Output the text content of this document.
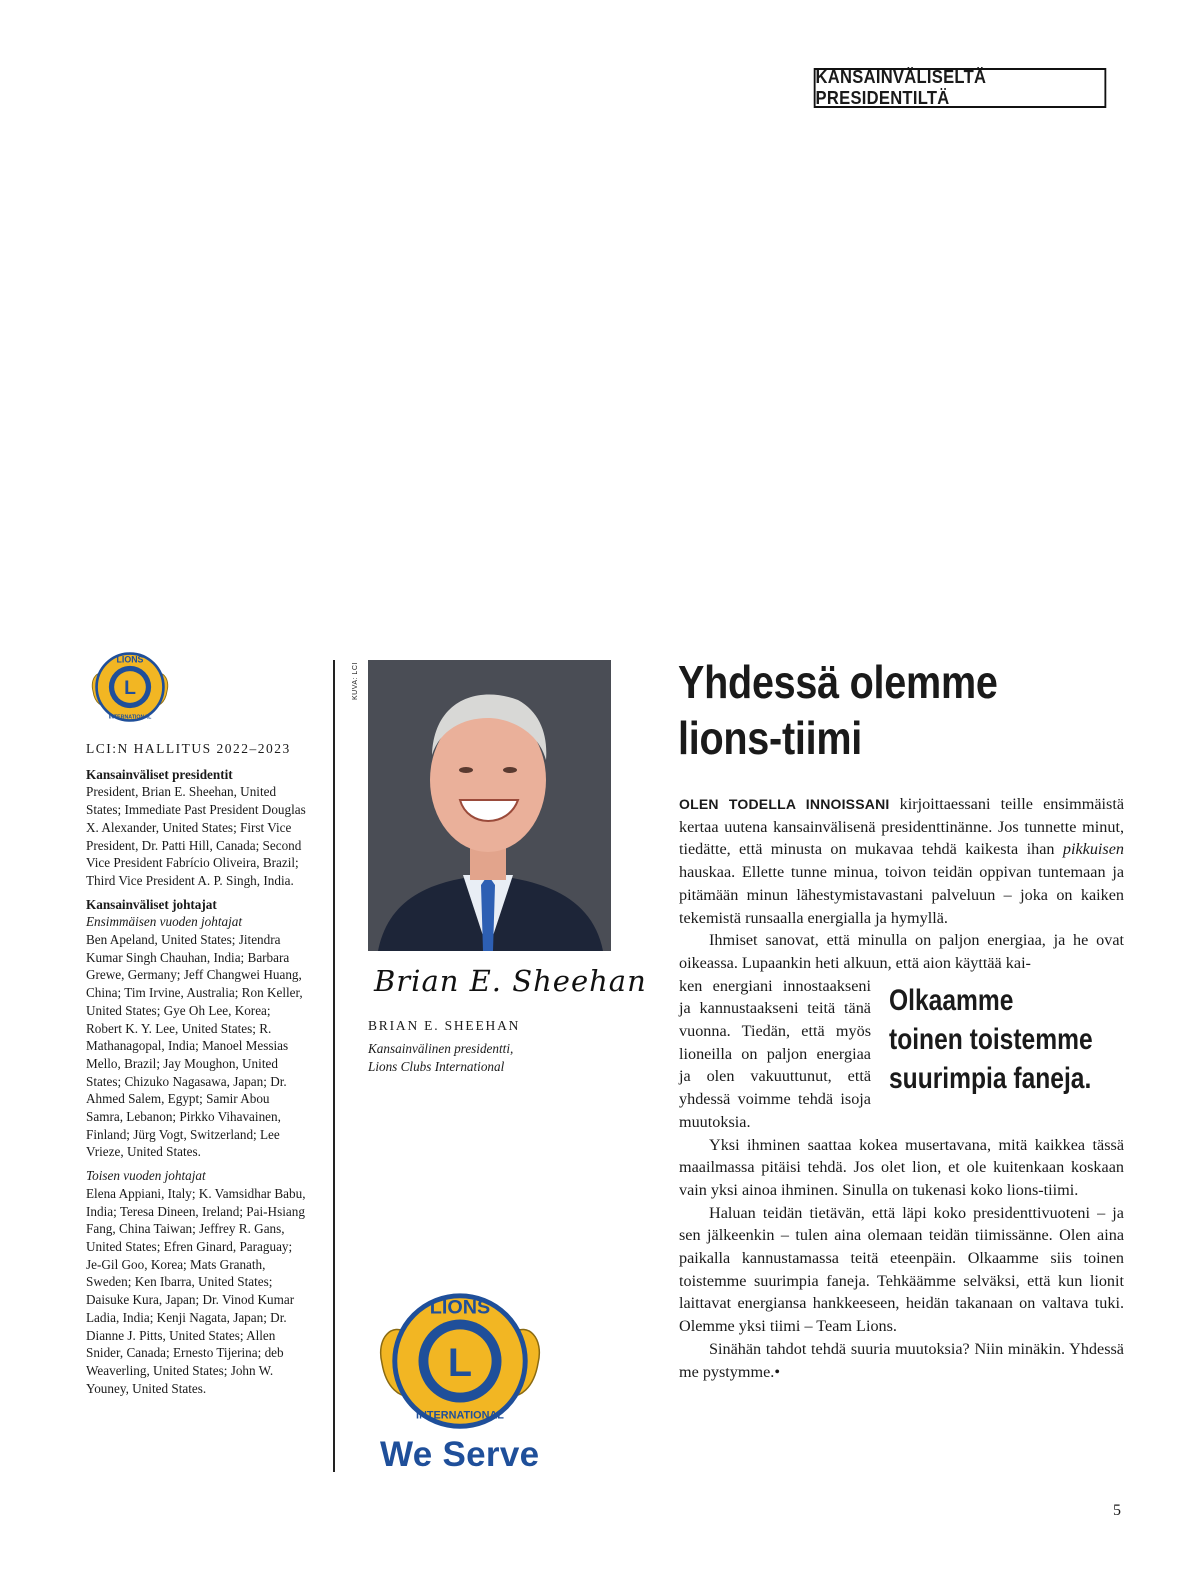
KANSAINVÄLISELTÄ PRESIDENTILTÄ
L
LIONS
INTERNATIONAL
LCI:N HALLITUS 2022–2023
Kansainväliset presidentit
President, Brian E. Sheehan, United States; Immediate Past President Douglas X. Alexander, United States; First Vice President, Dr. Patti Hill, Canada; Second Vice President Fabrício Oliveira, Brazil; Third Vice President A. P. Singh, India.
Kansainväliset johtajat
Ensimmäisen vuoden johtajat
Ben Apeland, United States; Jitendra Kumar Singh Chauhan, India; Barbara Grewe, Germany; Jeff Changwei Huang, China; Tim Irvine, Australia; Ron Keller, United States; Gye Oh Lee, Korea; Robert K. Y. Lee, United States; R. Mathanagopal, India; Manoel Messias Mello, Brazil; Jay Moughon, United States; Chizuko Nagasawa, Japan; Dr. Ahmed Salem, Egypt; Samir Abou Samra, Lebanon; Pirkko Vihavainen, Finland; Jürg Vogt, Switzerland; Lee Vrieze, United States.
Toisen vuoden johtajat
Elena Appiani, Italy; K. Vamsidhar Babu, India; Teresa Dineen, Ireland; Pai-Hsiang Fang, China Taiwan; Jeffrey R. Gans, United States; Efren Ginard, Paraguay; Je-Gil Goo, Korea; Mats Granath, Sweden; Ken Ibarra, United States; Daisuke Kura, Japan; Dr. Vinod Kumar Ladia, India; Kenji Nagata, Japan; Dr. Dianne J. Pitts, United States; Allen Snider, Canada; Ernesto Tijerina; deb Weaverling, United States; John W. Youney, United States.
KUVA: LCI
Brian E. Sheehan
BRIAN E. SHEEHAN
Kansainvälinen presidentti,
Lions Clubs International
L
LIONS
INTERNATIONAL
We Serve
Yhdessä olemme
lions-tiimi

OLEN TODELLA INNOISSANI kirjoittaessani teille ensimmäistä kertaa uutena kansainvälisenä presidenttinänne. Jos tunnette minut, tiedätte, että minusta on mukavaa tehdä kaikesta ihan pikkuisen hauskaa. Ellette tunne minua, toivon teidän oppivan tuntemaan ja pitämään minun lähestymistavastani palveluun – joka on kaiken tekemistä runsaalla energialla ja hymyllä.

Ihmiset sanovat, että minulla on paljon energiaa, ja he ovat oikeassa. Lupaankin heti alkuun, että aion käyttää kai-

Olkaamme
toinen toistemme
suurimpia faneja.

ken energiani innostaakseni ja kannustaakseni teitä tänä vuonna. Tiedän, että myös lioneilla on paljon energiaa ja olen vakuuttunut, että yhdessä voimme tehdä isoja muutoksia.

Yksi ihminen saattaa kokea musertavana, mitä kaikkea tässä maailmassa pitäisi tehdä. Jos olet lion, et ole kuitenkaan koskaan vain yksi ainoa ihminen. Sinulla on tukenasi koko lions-tiimi.

Haluan teidän tietävän, että läpi koko presidenttivuoteni – ja sen jälkeenkin – tulen aina olemaan teidän tiimissänne. Olen aina paikalla kannustamassa teitä eteenpäin. Olkaamme siis toinen toistemme suurimpia faneja. Tehkäämme selväksi, että kun lionit laittavat energiansa hankkeeseen, heidän takanaan on valtava tuki. Olemme yksi tiimi – Team Lions.

Sinähän tahdot tehdä suuria muutoksia? Niin minäkin. Yhdessä me pystymme.•

5
